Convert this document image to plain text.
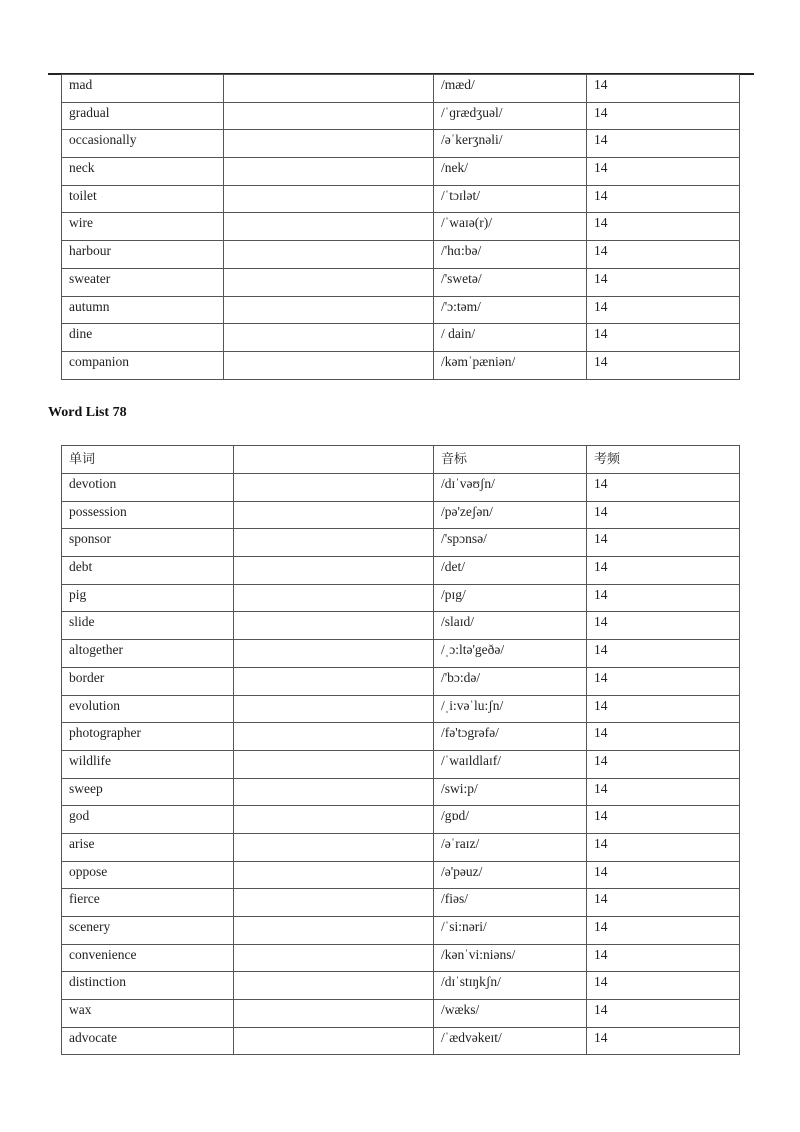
mad		/mæd/	14
gradual		/ˈɡrædʒuəl/	14
occasionally		/əˈkerʒnəli/	14
neck		/nek/	14
toilet		/ˈtɔɪlət/	14
wire		/ˈwaɪə(r)/	14
harbour		/'hɑ:bə/	14
sweater		/'swetə/	14
autumn		/'ɔ:təm/	14
dine		/ dain/	14
companion		/kəmˈpæniən/	14
Word List 78
单词		音标	考频
devotion		/dɪˈvəʊʃn/	14
possession		/pə'zeʃən/	14
sponsor		/'spɔnsə/	14
debt		/det/	14
pig		/pɪg/	14
slide		/slaɪd/	14
altogether		/ˌɔ:ltə'geðə/	14
border		/'bɔ:də/	14
evolution		/ˌi:vəˈlu:ʃn/	14
photographer		/fə'tɔgrəfə/	14
wildlife		/ˈwaɪldlaɪf/	14
sweep		/swi:p/	14
god		/gɒd/	14
arise		/əˈraɪz/	14
oppose		/ə'pəuz/	14
fierce		/fiəs/	14
scenery		/ˈsi:nəri/	14
convenience		/kənˈvi:niəns/	14
distinction		/dɪˈstɪŋkʃn/	14
wax		/wæks/	14
advocate		/ˈædvəkeɪt/	14
